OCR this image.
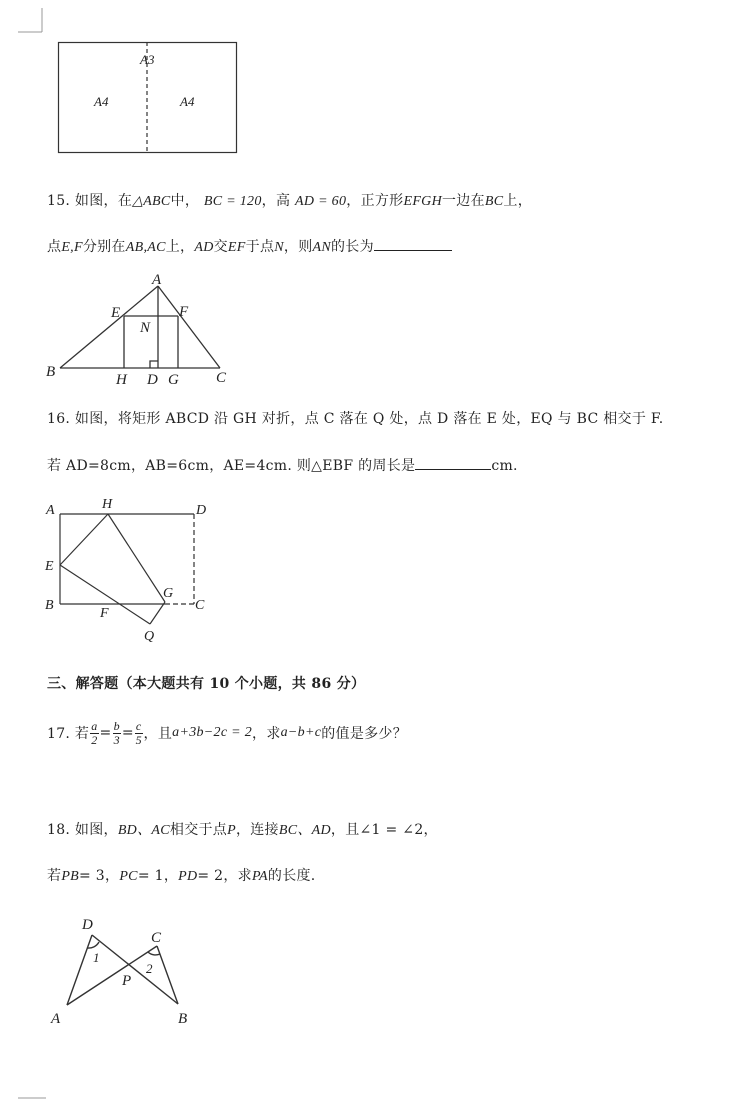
A3
A4	A4
15. 如图，在△ABC中， BC = 120，高 AD = 60，正方形EFGH一边在BC上，
点E,F分别在AB,AC上，AD交EF于点N，则AN的长为
A
B	C
D
E	F
G
H
N
16. 如图，将矩形 ABCD 沿 GH 对折，点 C 落在 Q 处，点 D 落在 E 处，EQ 与 BC 相交于 F.
若 AD=8cm，AB=6cm，AE=4cm. 则△EBF 的周长是	cm.
A	H	D
E
B
F
G
C
Q
三、解答题（本大题共有 10 个小题，共 86 分）
17. 若 $\frac{a}{2} = \frac{b}{3} = \frac{c}{5}$ ，且 a+3b−2c = 2 ，求 a−b+c 的值是多少？
18. 如图，BD、AC相交于点P，连接BC、AD，且∠1 = ∠2，
若PB= 3，PC= 1，PD= 2，求PA的长度.
D
C
A	B
P
1
2
